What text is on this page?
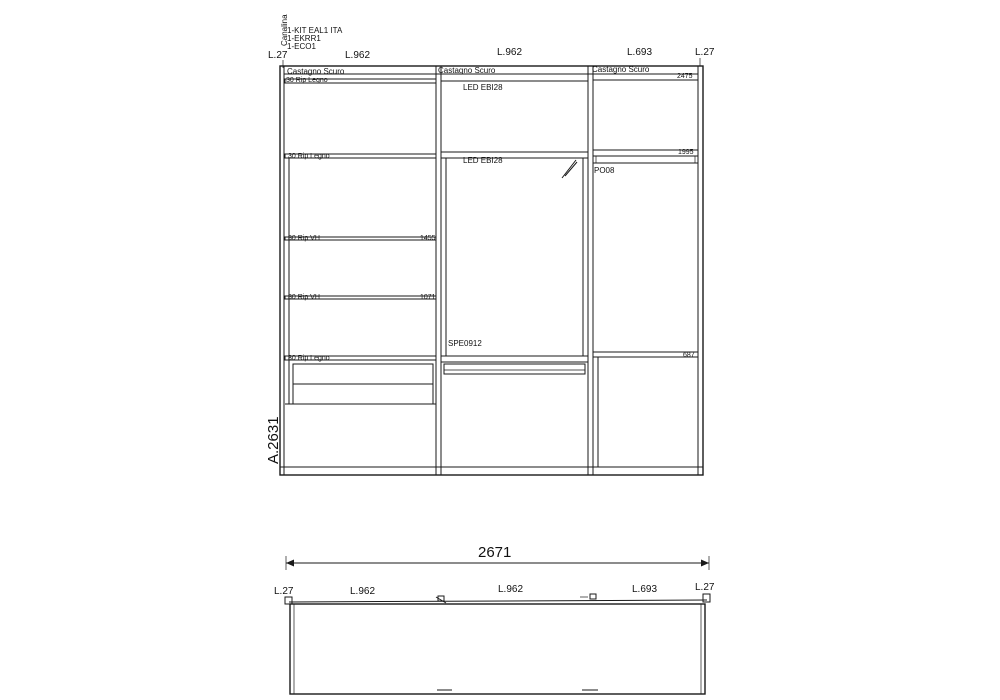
Canalina
1-KIT EAL1 ITA
1-EKRR1
1-ECO1
L.27	L.962	L.962	L.693	L.27
Castagno Scuro	Castagno Scuro	Castagno Scuro
30 Rip Legno
30 Rip Legno
30 Rip VH
30 Rip VH
30 Rip Legno
2475
1995
1455
1071
687
LED EBI28
LED EBI28
SPE0912
PO08
A.2631
2671
L.27	L.962	L.962	L.693	L.27
